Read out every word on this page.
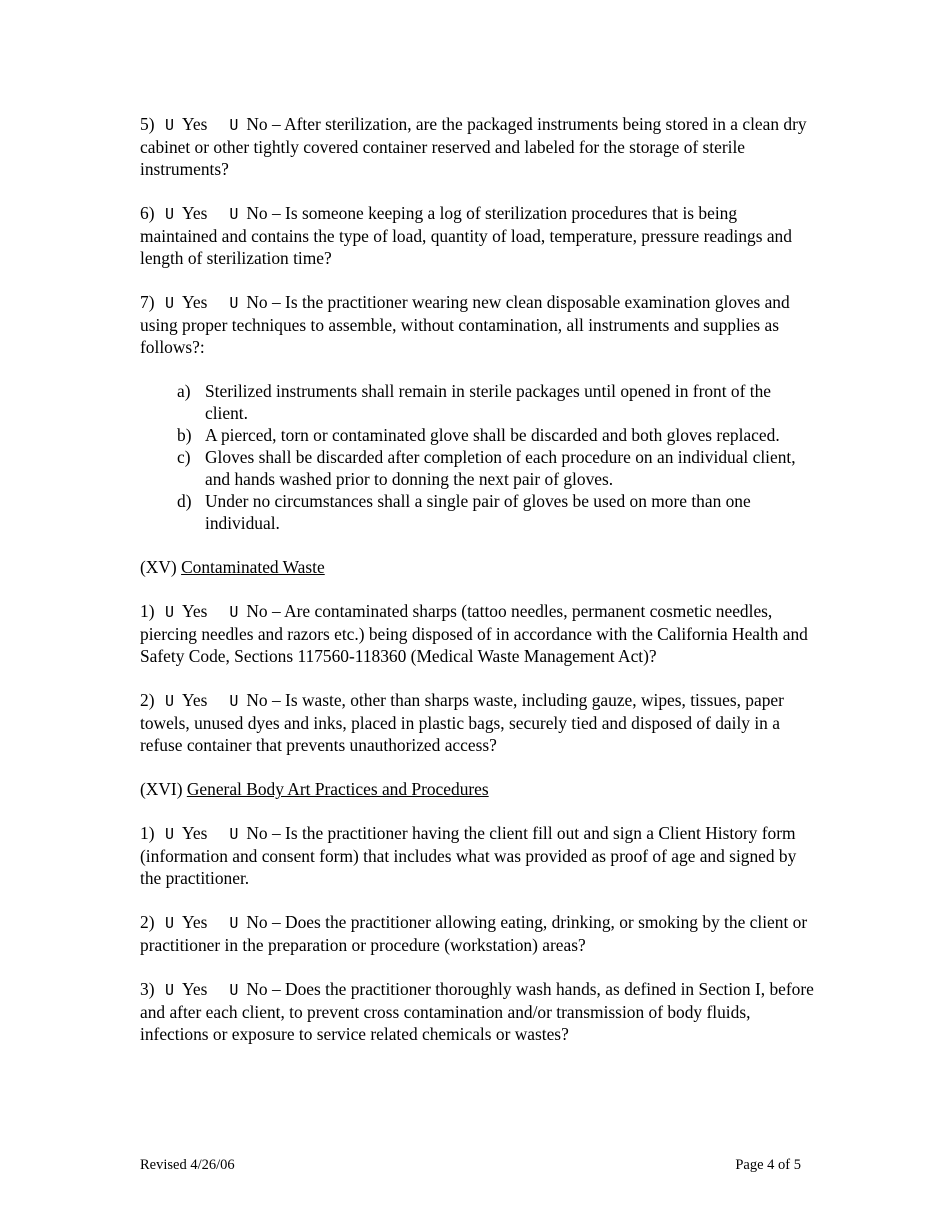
5) U Yes U No – After sterilization, are the packaged instruments being stored in a clean dry cabinet or other tightly covered container reserved and labeled for the storage of sterile instruments?

6) U Yes U No – Is someone keeping a log of sterilization procedures that is being maintained and contains the type of load, quantity of load, temperature, pressure readings and length of sterilization time?

7) U Yes U No – Is the practitioner wearing new clean disposable examination gloves and using proper techniques to assemble, without contamination, all instruments and supplies as follows?:

a) Sterilized instruments shall remain in sterile packages until opened in front of the client.
b) A pierced, torn or contaminated glove shall be discarded and both gloves replaced.
c) Gloves shall be discarded after completion of each procedure on an individual client, and hands washed prior to donning the next pair of gloves.
d) Under no circumstances shall a single pair of gloves be used on more than one individual.

(XV) Contaminated Waste

1) U Yes U No – Are contaminated sharps (tattoo needles, permanent cosmetic needles, piercing needles and razors etc.) being disposed of in accordance with the California Health and Safety Code, Sections 117560-118360 (Medical Waste Management Act)?

2) U Yes U No – Is waste, other than sharps waste, including gauze, wipes, tissues, paper towels, unused dyes and inks, placed in plastic bags, securely tied and disposed of daily in a refuse container that prevents unauthorized access?

(XVI) General Body Art Practices and Procedures

1) U Yes U No – Is the practitioner having the client fill out and sign a Client History form (information and consent form) that includes what was provided as proof of age and signed by the practitioner.

2) U Yes U No – Does the practitioner allowing eating, drinking, or smoking by the client or practitioner in the preparation or procedure (workstation) areas?

3) U Yes U No – Does the practitioner thoroughly wash hands, as defined in Section I, before and after each client, to prevent cross contamination and/or transmission of body fluids, infections or exposure to service related chemicals or wastes?

Revised 4/26/06	Page 4 of 5
